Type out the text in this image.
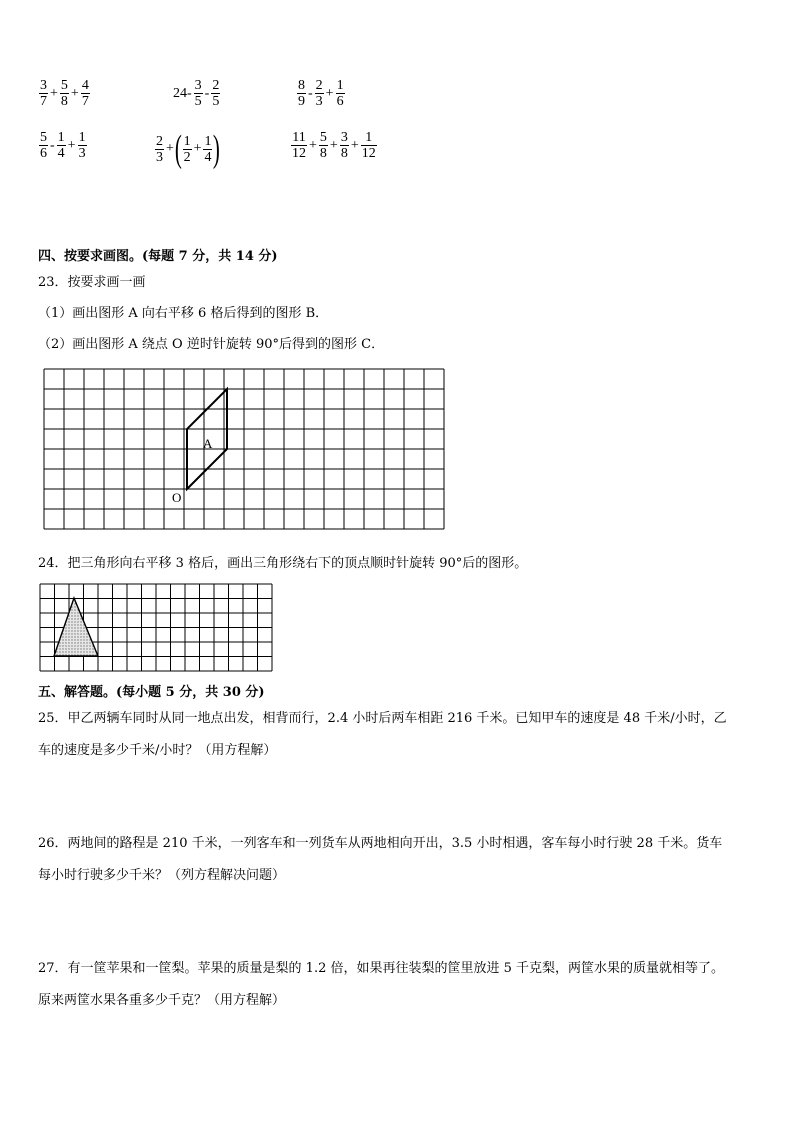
$\frac{3}{7} + \frac{5}{8} + \frac{4}{7}$	$24- \frac{3}{5} - \frac{2}{5}$	$\frac{8}{9} - \frac{2}{3} + \frac{1}{6}$
$\frac{5}{6} - \frac{1}{4} + \frac{1}{3}$	$\frac{2}{3}$ + ( $\frac{1}{2} + \frac{1}{4}$ )	$\frac{11}{12} + \frac{5}{8} + \frac{3}{8} + \frac{1}{12}$
四、按要求画图。(每题 7 分，共 14 分)
23．按要求画一画
（1）画出图形 A 向右平移 6 格后得到的图形 B．
（2）画出图形 A 绕点 O 逆时针旋转 90°后得到的图形 C．
A
O
24．把三角形向右平移 3 格后，画出三角形绕右下的顶点顺时针旋转 90°后的图形。
五、解答题。(每小题 5 分，共 30 分)
25．甲乙两辆车同时从同一地点出发，相背而行，2.4 小时后两车相距 216 千米。已知甲车的速度是 48 千米/小时，乙
车的速度是多少千米/小时？（用方程解）
26．两地间的路程是 210 千米，一列客车和一列货车从两地相向开出，3.5 小时相遇，客车每小时行驶 28 千米。货车
每小时行驶多少千米？（列方程解决问题）
27．有一筐苹果和一筐梨。苹果的质量是梨的 1.2 倍，如果再往装梨的筐里放进 5 千克梨，两筐水果的质量就相等了。
原来两筐水果各重多少千克？（用方程解）
